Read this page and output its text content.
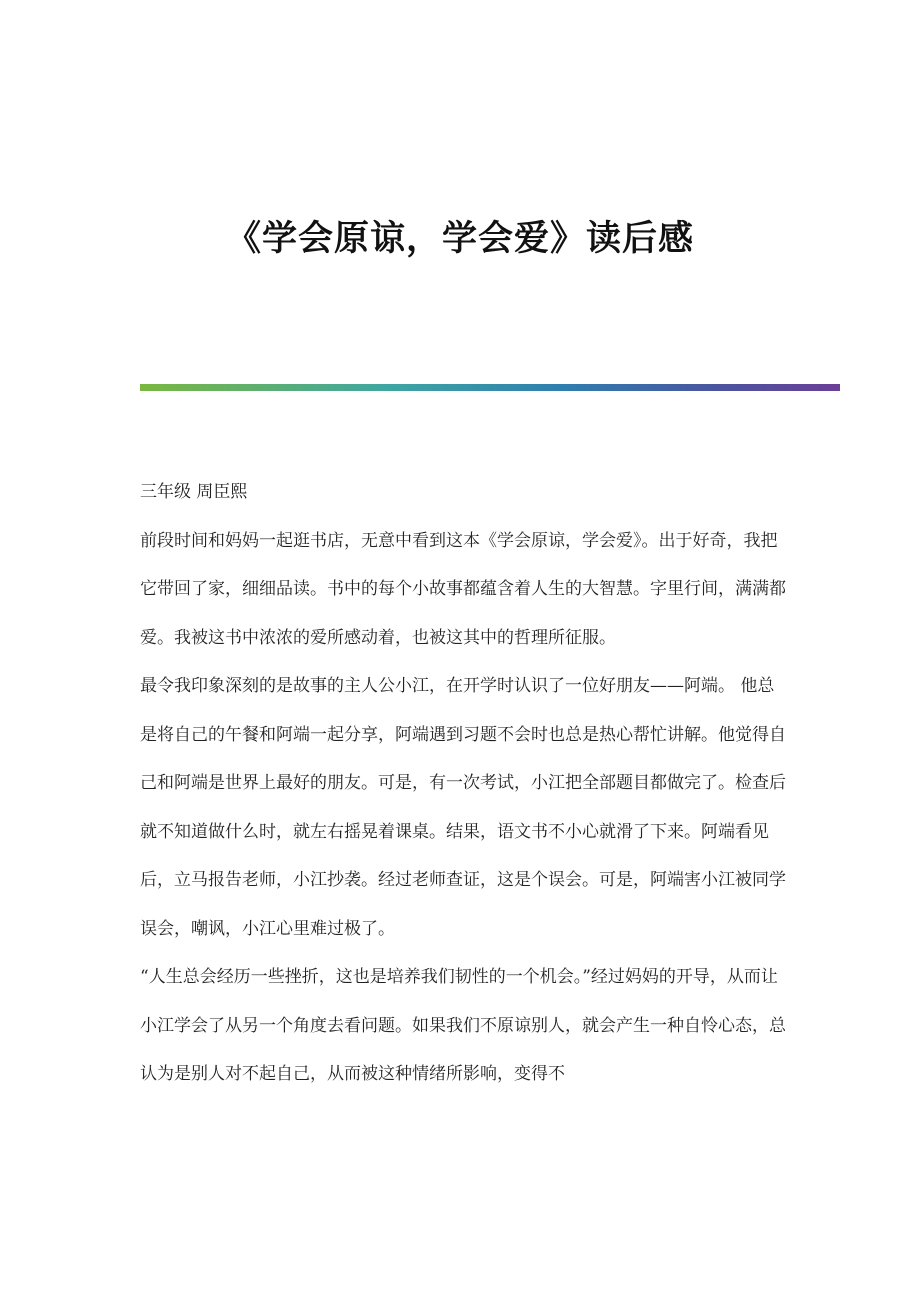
《学会原谅，学会爱》读后感

三年级 周臣熙

前段时间和妈妈一起逛书店，无意中看到这本《学会原谅，学会爱》。出于好奇，我把它带回了家，细细品读。书中的每个小故事都蕴含着人生的大智慧。字里行间，满满都爱。我被这书中浓浓的爱所感动着，也被这其中的哲理所征服。

最令我印象深刻的是故事的主人公小江，在开学时认识了一位好朋友——阿端。 他总是将自己的午餐和阿端一起分享，阿端遇到习题不会时也总是热心帮忙讲解。他觉得自己和阿端是世界上最好的朋友。可是，有一次考试，小江把全部题目都做完了。检查后就不知道做什么时，就左右摇晃着课桌。结果，语文书不小心就滑了下来。阿端看见后，立马报告老师，小江抄袭。经过老师查证，这是个误会。可是，阿端害小江被同学误会，嘲讽，小江心里难过极了。

“人生总会经历一些挫折，这也是培养我们韧性的一个机会。”经过妈妈的开导，从而让小江学会了从另一个角度去看问题。如果我们不原谅别人，就会产生一种自怜心态，总认为是别人对不起自己，从而被这种情绪所影响，变得不
